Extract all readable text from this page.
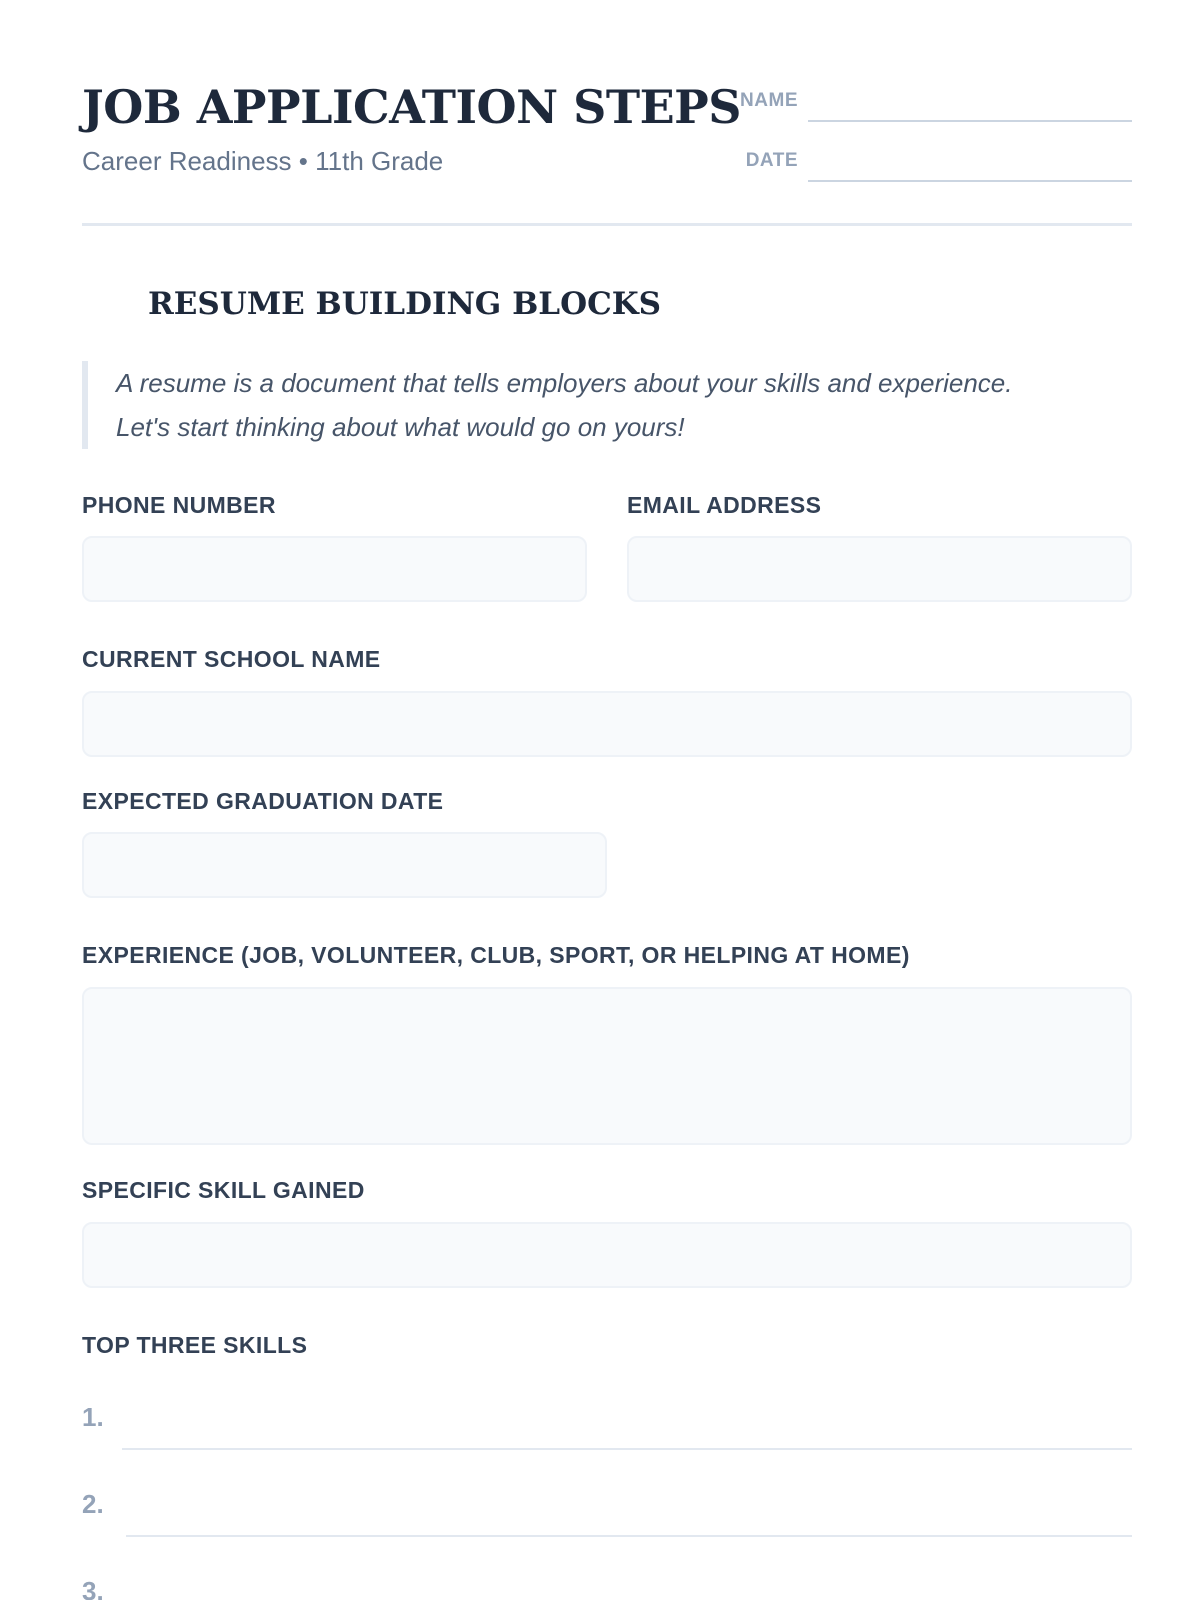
JOB APPLICATION STEPS
Career Readiness • 11th Grade
NAME
DATE
RESUME BUILDING BLOCKS
A resume is a document that tells employers about your skills and experience.
Let's start thinking about what would go on yours!
PHONE NUMBER	EMAIL ADDRESS
CURRENT SCHOOL NAME
EXPECTED GRADUATION DATE
EXPERIENCE (JOB, VOLUNTEER, CLUB, SPORT, OR HELPING AT HOME)
SPECIFIC SKILL GAINED
TOP THREE SKILLS
1.
2.
3.
